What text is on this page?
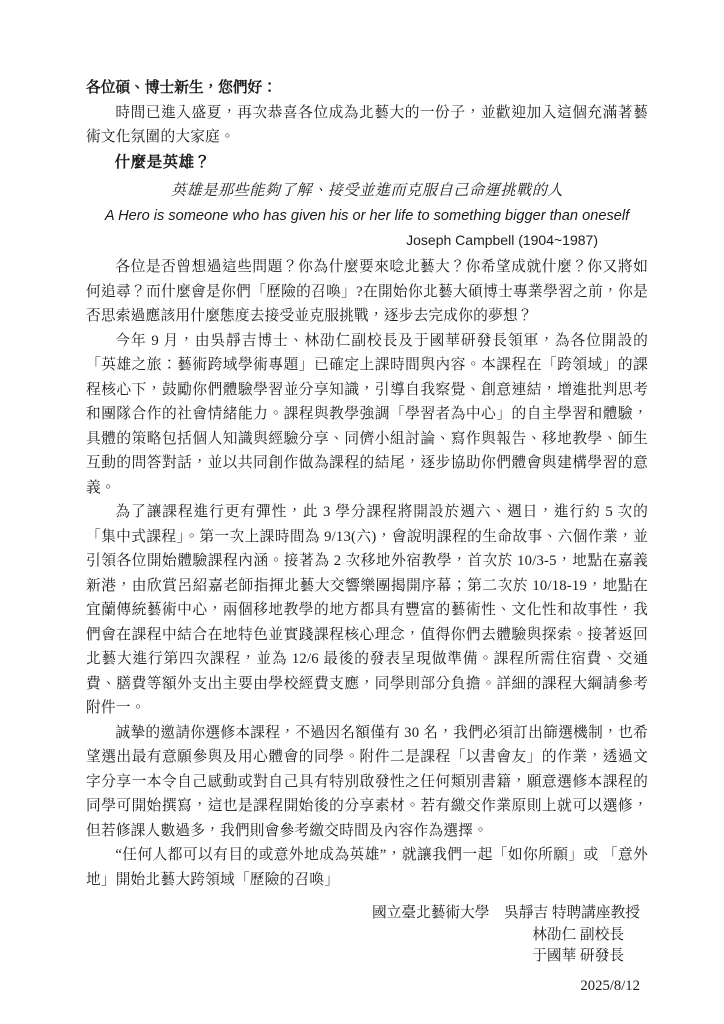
各位碩、博士新生，您們好：

時間已進入盛夏，再次恭喜各位成為北藝大的一份子，並歡迎加入這個充滿著藝術文化氛圍的大家庭。

什麼是英雄？

英雄是那些能夠了解、接受並進而克服自己命運挑戰的人

A Hero is someone who has given his or her life to something bigger than oneself

Joseph Campbell (1904~1987)

各位是否曾想過這些問題？你為什麼要來唸北藝大？你希望成就什麼？你又將如何追尋？而什麼會是你們「歷險的召喚」?在開始你北藝大碩博士專業學習之前，你是否思索過應該用什麼態度去接受並克服挑戰，逐步去完成你的夢想？

今年 9 月，由吳靜吉博士、林劭仁副校長及于國華研發長領軍，為各位開設的「英雄之旅：藝術跨域學術專題」已確定上課時間與內容。本課程在「跨領域」的課程核心下，鼓勵你們體驗學習並分享知識，引導自我察覺、創意連結，增進批判思考和團隊合作的社會情緒能力。課程與教學強調「學習者為中心」的自主學習和體驗，具體的策略包括個人知識與經驗分享、同儕小組討論、寫作與報告、移地教學、師生互動的問答對話，並以共同創作做為課程的結尾，逐步協助你們體會與建構學習的意義。

為了讓課程進行更有彈性，此 3 學分課程將開設於週六、週日，進行約 5 次的「集中式課程」。第一次上課時間為 9/13(六)，會說明課程的生命故事、六個作業，並引領各位開始體驗課程內涵。接著為 2 次移地外宿教學，首次於 10/3-5，地點在嘉義新港，由欣賞呂紹嘉老師指揮北藝大交響樂團揭開序幕；第二次於 10/18-19，地點在宜蘭傳統藝術中心，兩個移地教學的地方都具有豐富的藝術性、文化性和故事性，我們會在課程中結合在地特色並實踐課程核心理念，值得你們去體驗與探索。接著返回北藝大進行第四次課程，並為 12/6 最後的發表呈現做準備。課程所需住宿費、交通費、膳費等額外支出主要由學校經費支應，同學則部分負擔。詳細的課程大綱請參考附件一。

誠摯的邀請你選修本課程，不過因名額僅有 30 名，我們必須訂出篩選機制，也希望選出最有意願參與及用心體會的同學。附件二是課程「以書會友」的作業，透過文字分享一本令自己感動或對自己具有特別啟發性之任何類別書籍，願意選修本課程的同學可開始撰寫，這也是課程開始後的分享素材。若有繳交作業原則上就可以選修，但若修課人數過多，我們則會參考繳交時間及內容作為選擇。

“任何人都可以有目的或意外地成為英雄”，就讓我們一起「如你所願」或 「意外地」開始北藝大跨領域「歷險的召喚」

國立臺北藝術大學　吳靜吉 特聘講座教授
林劭仁 副校長
于國華 研發長

2025/8/12
